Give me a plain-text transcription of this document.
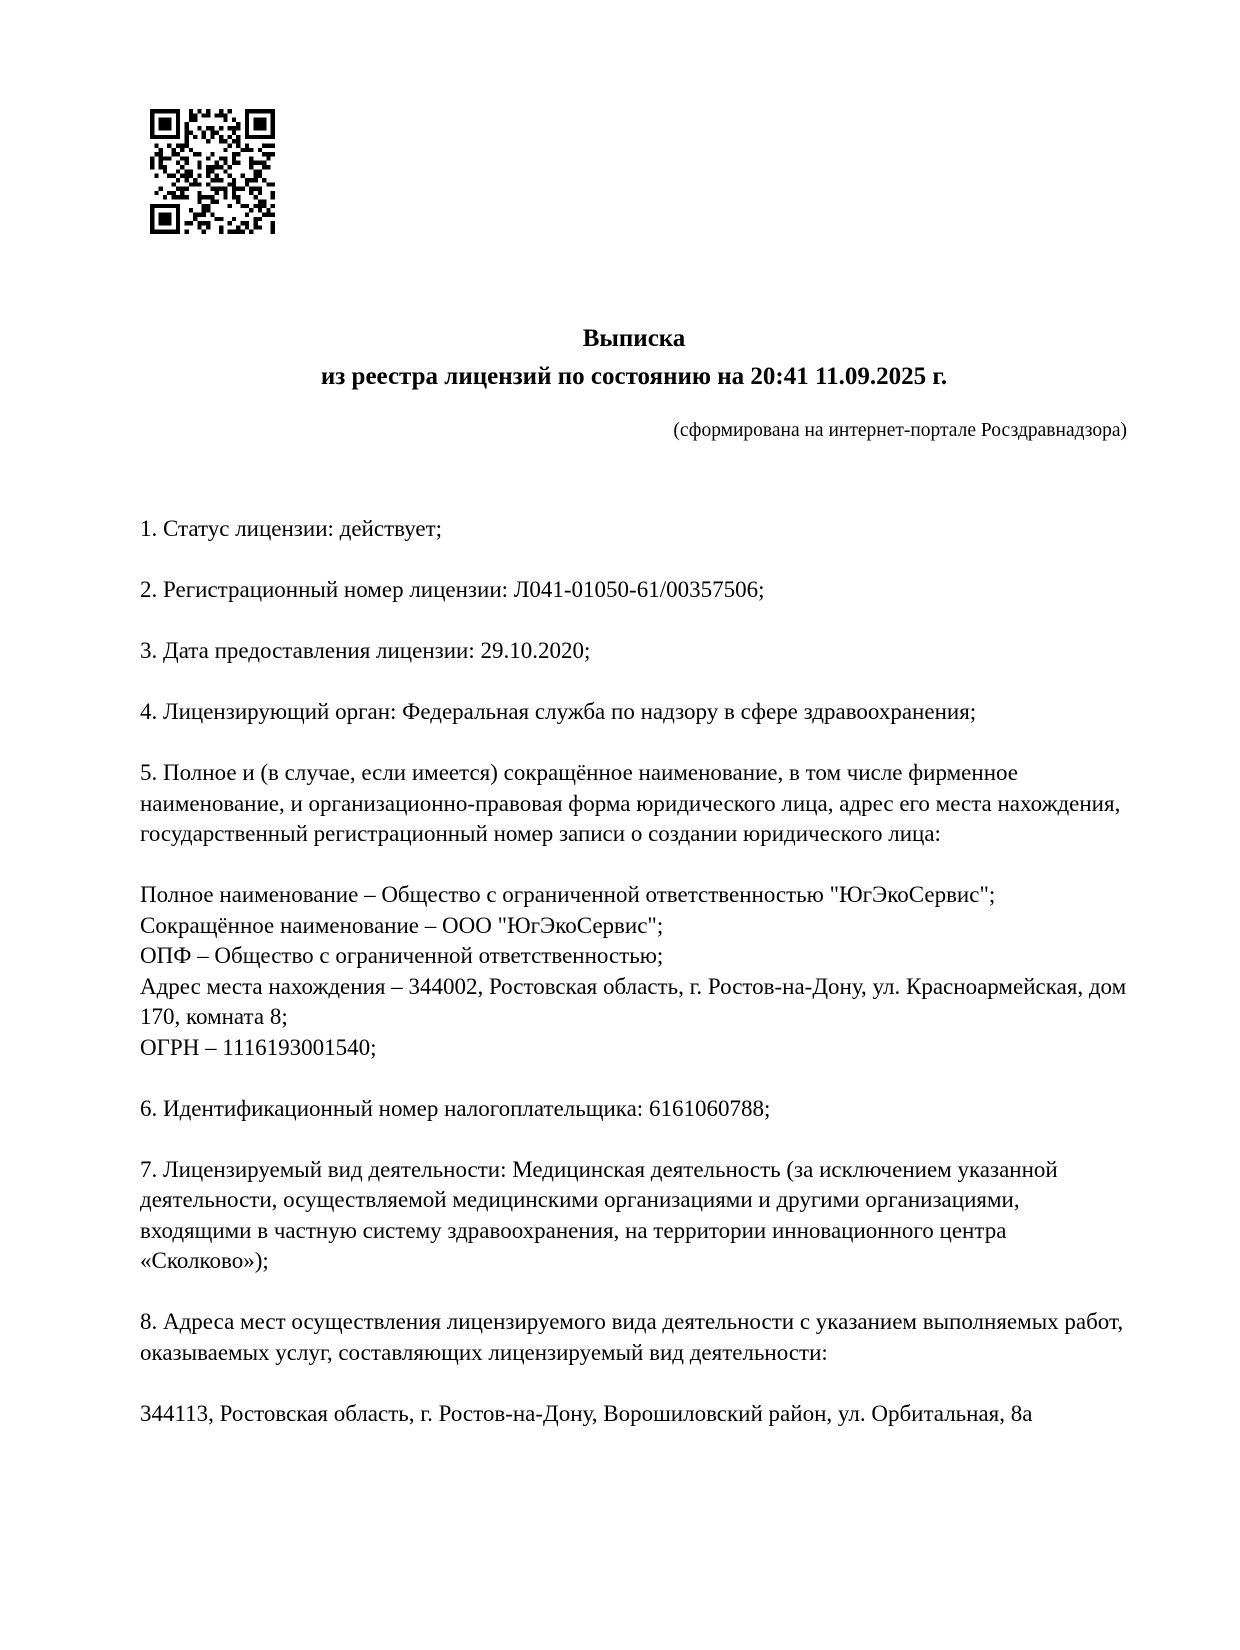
Выписка
из реестра лицензий по состоянию на 20:41 11.09.2025 г.
(сформирована на интернет-портале Росздравнадзора)
1. Статус лицензии: действует;
2. Регистрационный номер лицензии: Л041-01050-61/00357506;
3. Дата предоставления лицензии: 29.10.2020;
4. Лицензирующий орган: Федеральная служба по надзору в сфере здравоохранения;
5. Полное и (в случае, если имеется) сокращённое наименование, в том числе фирменное наименование, и организационно-правовая форма юридического лица, адрес его места нахождения, государственный регистрационный номер записи о создании юридического лица:
Полное наименование – Общество с ограниченной ответственностью "ЮгЭкоСервис";
Сокращённое наименование – ООО "ЮгЭкоСервис";
ОПФ – Общество с ограниченной ответственностью;
Адрес места нахождения – 344002, Ростовская область, г. Ростов-на-Дону, ул. Красноармейская, дом 170, комната 8;
ОГРН – 1116193001540;
6. Идентификационный номер налогоплательщика: 6161060788;
7. Лицензируемый вид деятельности: Медицинская деятельность (за исключением указанной деятельности, осуществляемой медицинскими организациями и другими организациями, входящими в частную систему здравоохранения, на территории инновационного центра «Сколково»);
8. Адреса мест осуществления лицензируемого вида деятельности с указанием выполняемых работ, оказываемых услуг, составляющих лицензируемый вид деятельности:
344113, Ростовская область, г. Ростов-на-Дону, Ворошиловский район, ул. Орбитальная, 8а
